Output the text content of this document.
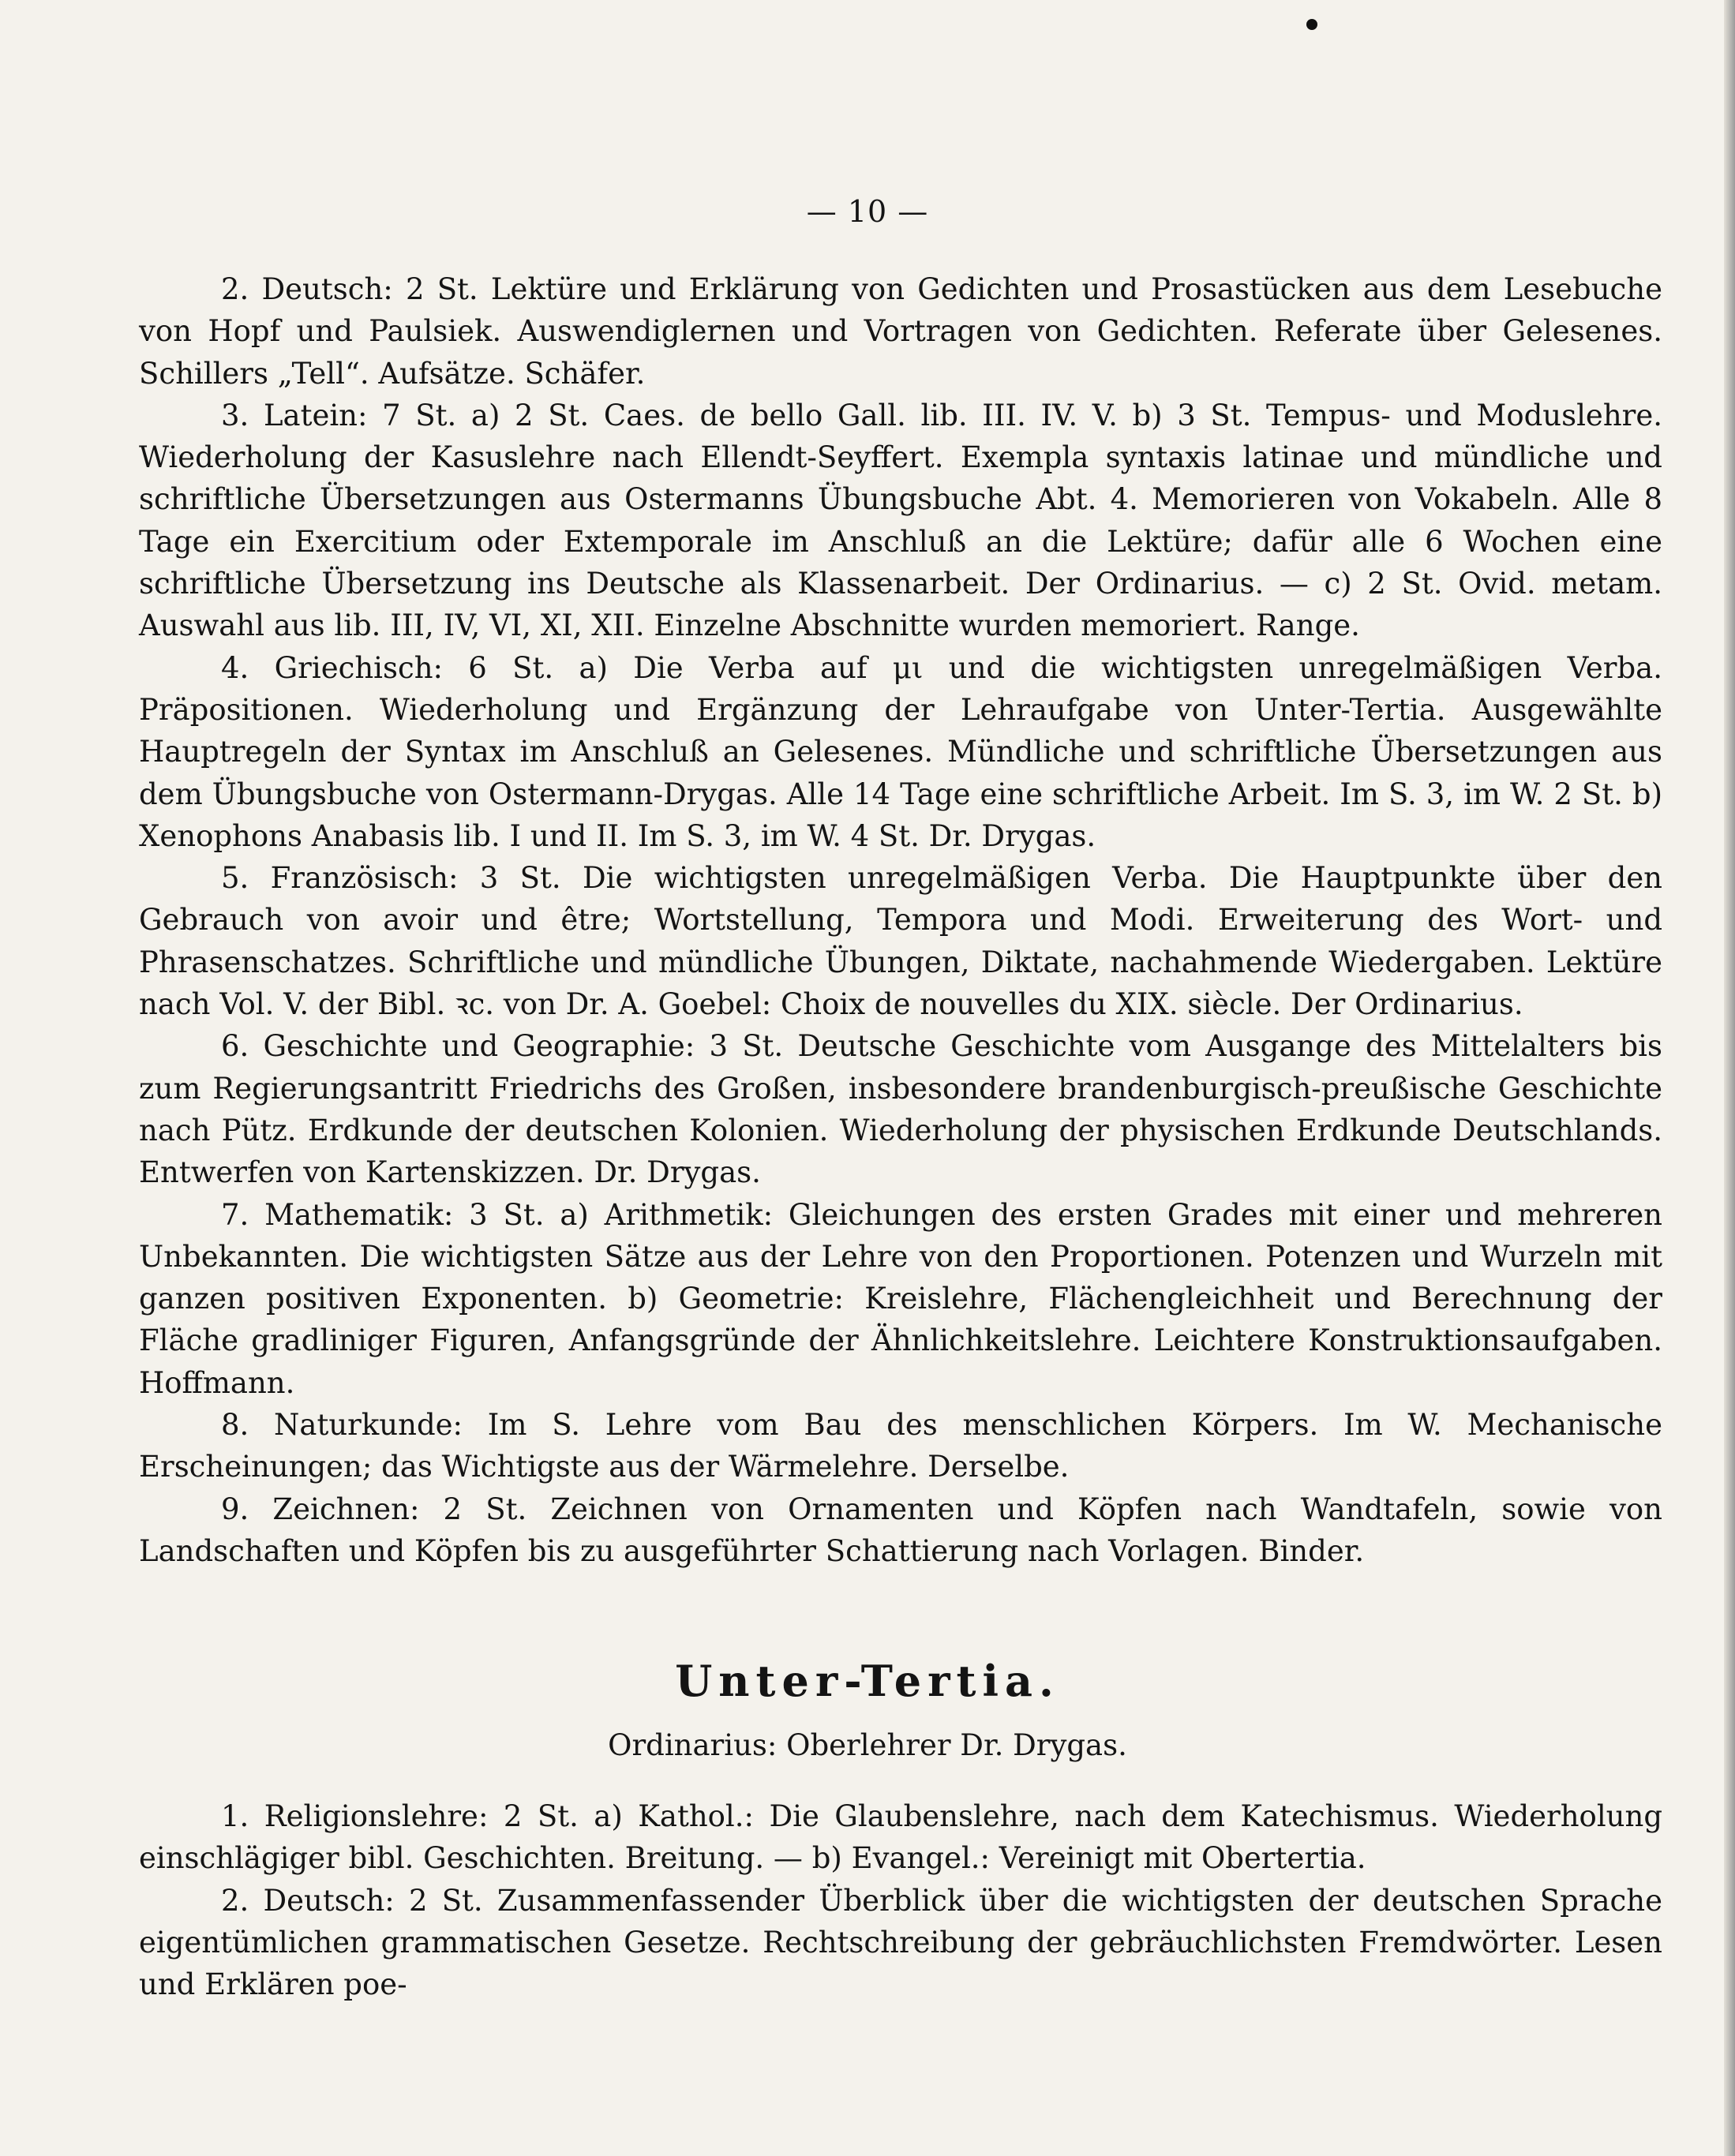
— 10 —

2. Deutsch: 2 St. Lektüre und Erklärung von Gedichten und Prosastücken aus dem Lesebuche von Hopf und Paulsiek. Auswendiglernen und Vortragen von Gedichten. Referate über Gelesenes. Schillers „Tell“. Aufsätze. Schäfer.

3. Latein: 7 St. a) 2 St. Caes. de bello Gall. lib. III. IV. V. b) 3 St. Tempus- und Moduslehre. Wiederholung der Kasuslehre nach Ellendt-Seyffert. Exempla syntaxis latinae und mündliche und schriftliche Übersetzungen aus Ostermanns Übungsbuche Abt. 4. Memorieren von Vokabeln. Alle 8 Tage ein Exercitium oder Extemporale im Anschluß an die Lektüre; dafür alle 6 Wochen eine schriftliche Übersetzung ins Deutsche als Klassenarbeit. Der Ordinarius. — c) 2 St. Ovid. metam. Auswahl aus lib. III, IV, VI, XI, XII. Einzelne Abschnitte wurden memoriert. Range.

4. Griechisch: 6 St. a) Die Verba auf μι und die wichtigsten unregelmäßigen Verba. Präpositionen. Wiederholung und Ergänzung der Lehraufgabe von Unter-Tertia. Ausgewählte Hauptregeln der Syntax im Anschluß an Gelesenes. Mündliche und schriftliche Übersetzungen aus dem Übungsbuche von Ostermann-Drygas. Alle 14 Tage eine schriftliche Arbeit. Im S. 3, im W. 2 St. b) Xenophons Anabasis lib. I und II. Im S. 3, im W. 4 St. Dr. Drygas.

5. Französisch: 3 St. Die wichtigsten unregelmäßigen Verba. Die Hauptpunkte über den Gebrauch von avoir und être; Wortstellung, Tempora und Modi. Erweiterung des Wort- und Phrasenschatzes. Schriftliche und mündliche Übungen, Diktate, nachahmende Wiedergaben. Lektüre nach Vol. V. der Bibl. ꝛc. von Dr. A. Goebel: Choix de nouvelles du XIX. siècle. Der Ordinarius.

6. Geschichte und Geographie: 3 St. Deutsche Geschichte vom Ausgange des Mittelalters bis zum Regierungsantritt Friedrichs des Großen, insbesondere brandenburgisch-preußische Geschichte nach Pütz. Erdkunde der deutschen Kolonien. Wiederholung der physischen Erdkunde Deutschlands. Entwerfen von Kartenskizzen. Dr. Drygas.

7. Mathematik: 3 St. a) Arithmetik: Gleichungen des ersten Grades mit einer und mehreren Unbekannten. Die wichtigsten Sätze aus der Lehre von den Proportionen. Potenzen und Wurzeln mit ganzen positiven Exponenten. b) Geometrie: Kreislehre, Flächengleichheit und Berechnung der Fläche gradliniger Figuren, Anfangsgründe der Ähnlichkeitslehre. Leichtere Konstruktionsaufgaben. Hoffmann.

8. Naturkunde: Im S. Lehre vom Bau des menschlichen Körpers. Im W. Mechanische Erscheinungen; das Wichtigste aus der Wärmelehre. Derselbe.

9. Zeichnen: 2 St. Zeichnen von Ornamenten und Köpfen nach Wandtafeln, sowie von Landschaften und Köpfen bis zu ausgeführter Schattierung nach Vorlagen. Binder.

Unter-Tertia.
Ordinarius: Oberlehrer Dr. Drygas.

1. Religionslehre: 2 St. a) Kathol.: Die Glaubenslehre, nach dem Katechismus. Wiederholung einschlägiger bibl. Geschichten. Breitung. — b) Evangel.: Vereinigt mit Obertertia.

2. Deutsch: 2 St. Zusammenfassender Überblick über die wichtigsten der deutschen Sprache eigentümlichen grammatischen Gesetze. Rechtschreibung der gebräuchlichsten Fremdwörter. Lesen und Erklären poe-
